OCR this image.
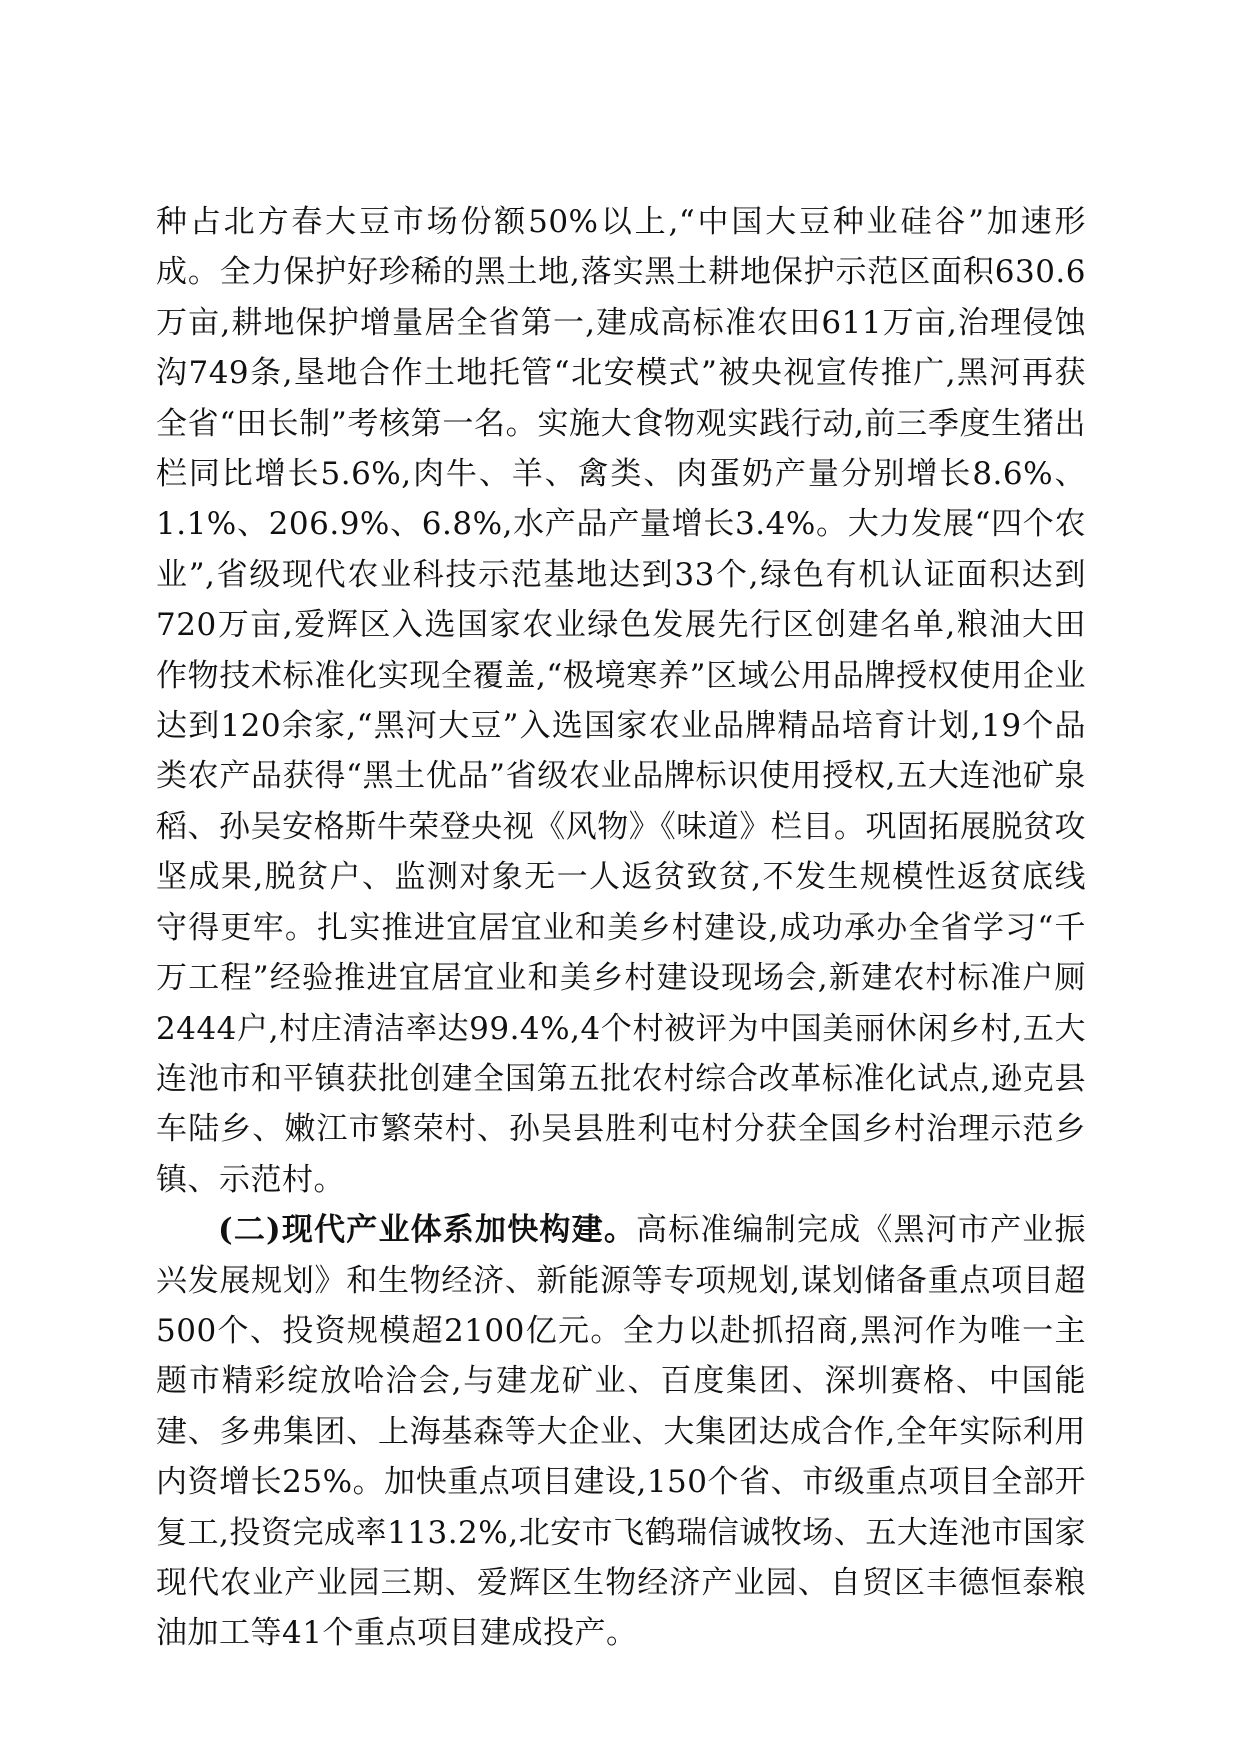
种占北方春大豆市场份额50%以上,“中国大豆种业硅谷”加速形成。全力保护好珍稀的黑土地,落实黑土耕地保护示范区面积630.6万亩,耕地保护增量居全省第一,建成高标准农田611万亩,治理侵蚀沟749条,垦地合作土地托管“北安模式”被央视宣传推广,黑河再获全省“田长制”考核第一名。实施大食物观实践行动,前三季度生猪出栏同比增长5.6%,肉牛、羊、禽类、肉蛋奶产量分别增长8.6%、1.1%、206.9%、6.8%,水产品产量增长3.4%。大力发展“四个农业”,省级现代农业科技示范基地达到33个,绿色有机认证面积达到720万亩,爱辉区入选国家农业绿色发展先行区创建名单,粮油大田作物技术标准化实现全覆盖,“极境寒养”区域公用品牌授权使用企业达到120余家,“黑河大豆”入选国家农业品牌精品培育计划,19个品类农产品获得“黑土优品”省级农业品牌标识使用授权,五大连池矿泉稻、孙吴安格斯牛荣登央视《风物》《味道》栏目。巩固拓展脱贫攻坚成果,脱贫户、监测对象无一人返贫致贫,不发生规模性返贫底线守得更牢。扎实推进宜居宜业和美乡村建设,成功承办全省学习“千万工程”经验推进宜居宜业和美乡村建设现场会,新建农村标准户厕2444户,村庄清洁率达99.4%,4个村被评为中国美丽休闲乡村,五大连池市和平镇获批创建全国第五批农村综合改革标准化试点,逊克县车陆乡、嫩江市繁荣村、孙吴县胜利屯村分获全国乡村治理示范乡镇、示范村。

(二)现代产业体系加快构建。高标准编制完成《黑河市产业振兴发展规划》和生物经济、新能源等专项规划,谋划储备重点项目超500个、投资规模超2100亿元。全力以赴抓招商,黑河作为唯一主题市精彩绽放哈洽会,与建龙矿业、百度集团、深圳赛格、中国能建、多弗集团、上海基森等大企业、大集团达成合作,全年实际利用内资增长25%。加快重点项目建设,150个省、市级重点项目全部开复工,投资完成率113.2%,北安市飞鹤瑞信诚牧场、五大连池市国家现代农业产业园三期、爱辉区生物经济产业园、自贸区丰德恒泰粮油加工等41个重点项目建成投产。
